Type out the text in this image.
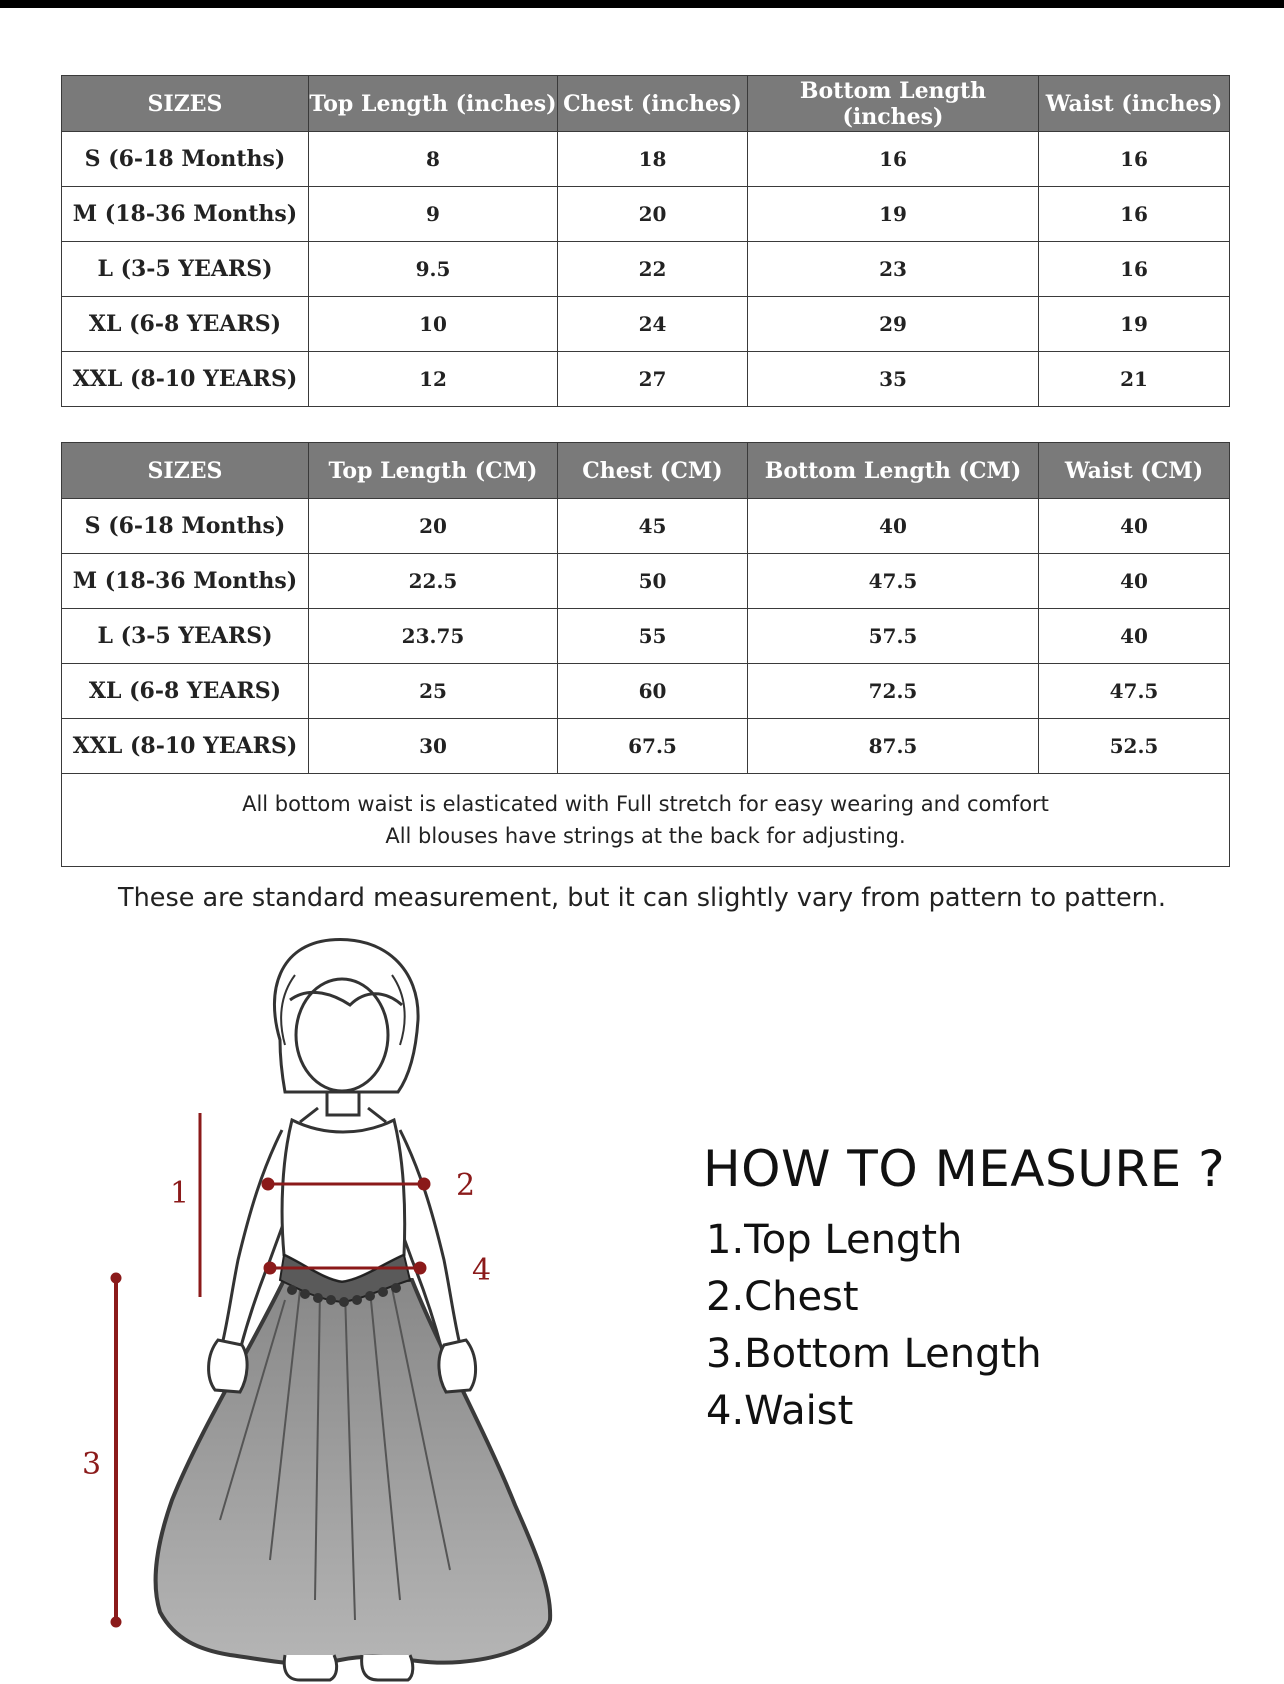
SIZES	Top Length (inches)	Chest (inches)	Bottom Length (inches)	Waist (inches)
S (6-18 Months)	8	18	16	16
M (18-36 Months)	9	20	19	16
L (3-5 YEARS)	9.5	22	23	16
XL (6-8 YEARS)	10	24	29	19
XXL (8-10 YEARS)	12	27	35	21
SIZES	Top Length (CM)	Chest (CM)	Bottom Length (CM)	Waist (CM)
S (6-18 Months)	20	45	40	40
M (18-36 Months)	22.5	50	47.5	40
L (3-5 YEARS)	23.75	55	57.5	40
XL (6-8 YEARS)	25	60	72.5	47.5
XXL (8-10 YEARS)	30	67.5	87.5	52.5

All bottom waist is elasticated with Full stretch for easy wearing and comfort
All blouses have strings at the back for adjusting.				
These are standard measurement, but it can slightly vary from pattern to pattern.
1	2
3
4
HOW TO MEASURE ?
1.Top Length
2.Chest
3.Bottom Length
4.Waist
